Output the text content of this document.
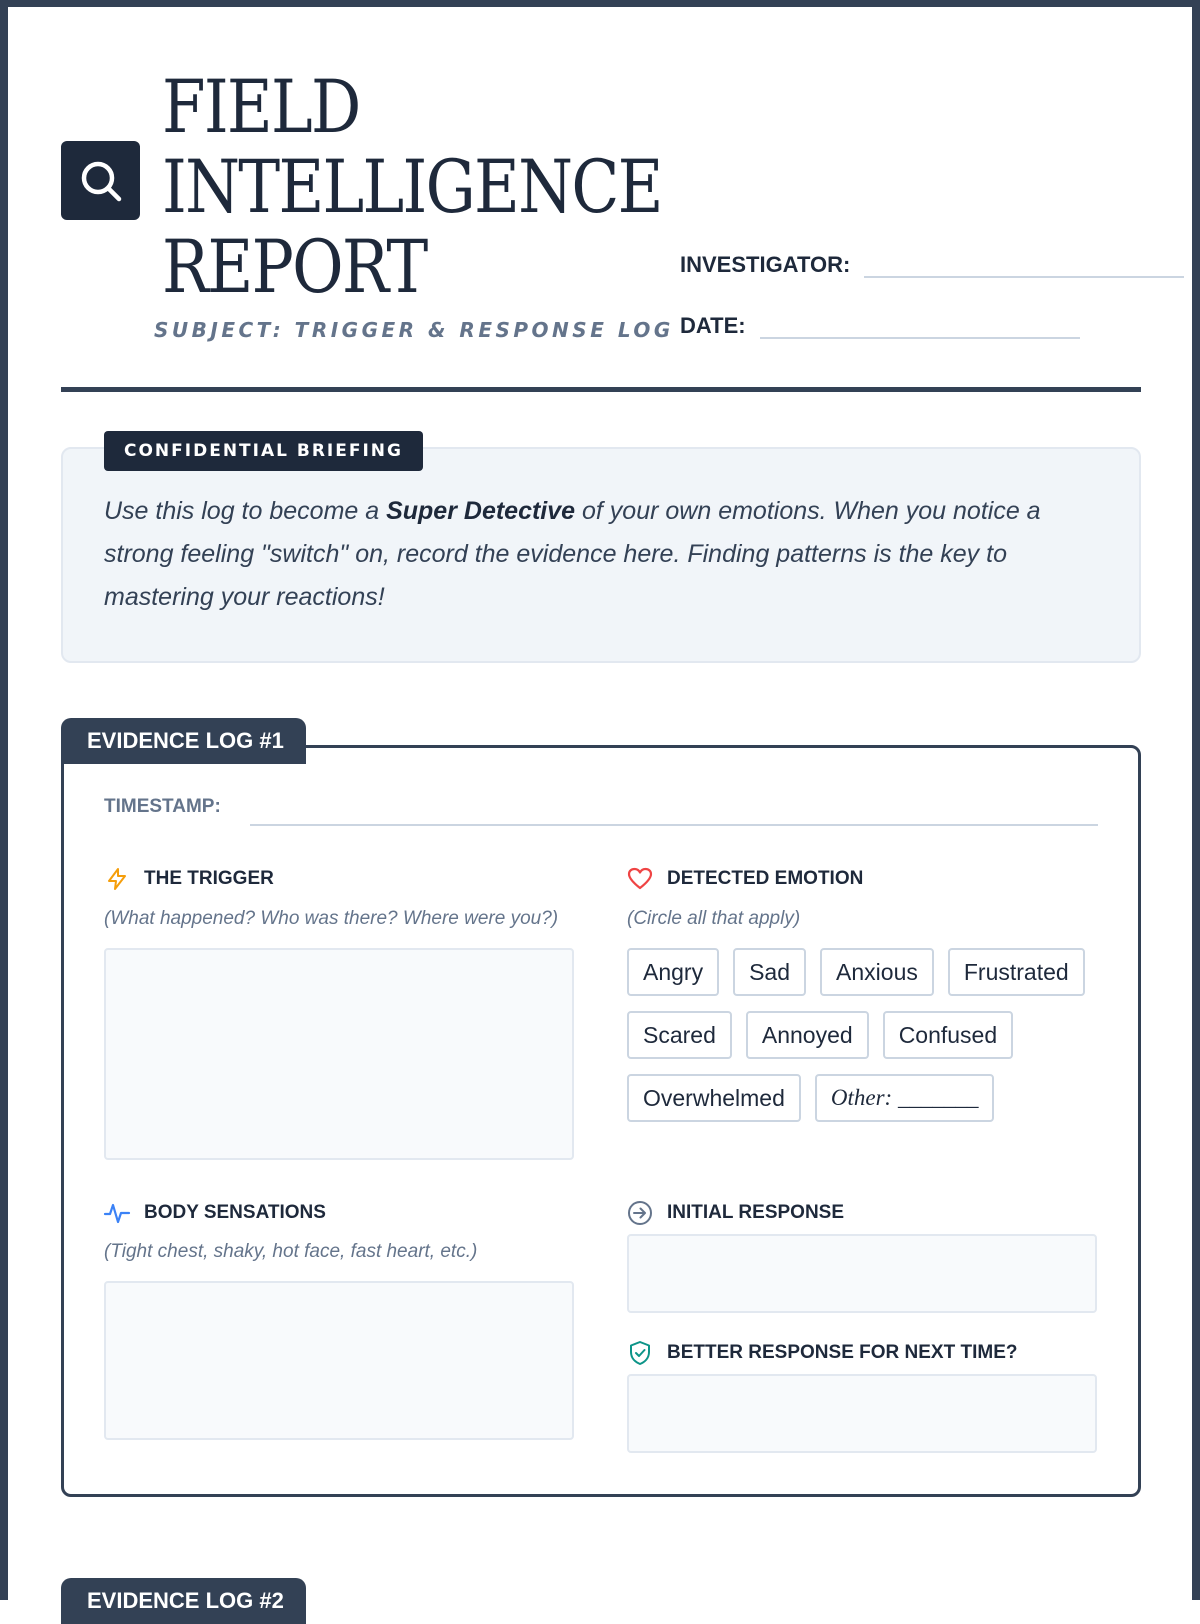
FIELD
INTELLIGENCE
REPORT
SUBJECT: TRIGGER & RESPONSE LOG
INVESTIGATOR:
DATE:
CONFIDENTIAL BRIEFING
Use this log to become a Super Detective of your own emotions. When you notice a strong feeling "switch" on, record the evidence here. Finding patterns is the key to mastering your reactions!
EVIDENCE LOG #1
TIMESTAMP:
THE TRIGGER
(What happened? Who was there? Where were you?)
DETECTED EMOTION
(Circle all that apply)
Angry	Sad	Anxious	Frustrated
Scared	Annoyed	Confused
Overwhelmed	Other: _______
BODY SENSATIONS
(Tight chest, shaky, hot face, fast heart, etc.)
INITIAL RESPONSE
BETTER RESPONSE FOR NEXT TIME?
EVIDENCE LOG #2
